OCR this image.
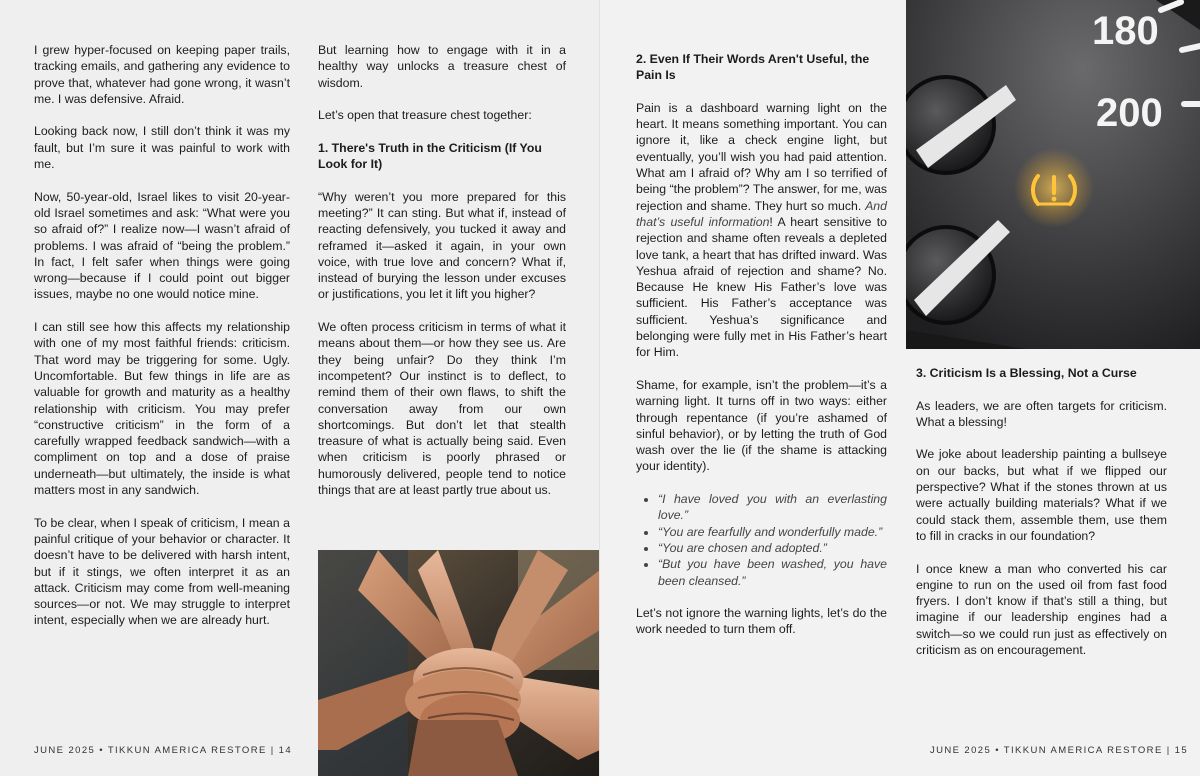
I grew hyper-focused on keeping paper trails, tracking emails, and gathering any evidence to prove that, whatever had gone wrong, it wasn’t me. I was defensive. Afraid.

Looking back now, I still don’t think it was my fault, but I’m sure it was painful to work with me.

Now, 50-year-old, Israel likes to visit 20-year-old Israel sometimes and ask: “What were you so afraid of?” I realize now—I wasn’t afraid of problems. I was afraid of “being the problem.” In fact, I felt safer when things were going wrong—because if I could point out bigger issues, maybe no one would notice mine.

I can still see how this affects my relationship with one of my most faithful friends: criticism. That word may be triggering for some. Ugly. Uncomfortable. But few things in life are as valuable for growth and maturity as a healthy relationship with criticism. You may prefer “constructive criticism” in the form of a carefully wrapped feedback sandwich—with a compliment on top and a dose of praise underneath—but ultimately, the inside is what matters most in any sandwich.

To be clear, when I speak of criticism, I mean a painful critique of your behavior or character. It doesn’t have to be delivered with harsh intent, but if it stings, we often interpret it as an attack. Criticism may come from well-meaning sources—or not. We may struggle to interpret intent, especially when we are already hurt.

But learning how to engage with it in a healthy way unlocks a treasure chest of wisdom.

Let’s open that treasure chest together:

1. There's Truth in the Criticism (If You Look for It)

“Why weren’t you more prepared for this meeting?” It can sting. But what if, instead of reacting defensively, you tucked it away and reframed it—asked it again, in your own voice, with true love and concern? What if, instead of burying the lesson under excuses or justifications, you let it lift you higher?

We often process criticism in terms of what it means about them—or how they see us. Are they being unfair? Do they think I’m incompetent? Our instinct is to deflect, to remind them of their own flaws, to shift the conversation away from our own shortcomings. But don’t let that stealth treasure of what is actually being said. Even when criticism is poorly phrased or humorously delivered, people tend to notice things that are at least partly true about us.

JUNE 2025 • TIKKUN AMERICA RESTORE | 14	JUNE 2025 • TIKKUN AMERICA RESTORE | 15
2. Even If Their Words Aren't Useful, the Pain Is

Pain is a dashboard warning light on the heart. It means something important. You can ignore it, like a check engine light, but eventually, you’ll wish you had paid attention. What am I afraid of? Why am I so terrified of being “the problem”? The answer, for me, was rejection and shame. They hurt so much. And that’s useful information! A heart sensitive to rejection and shame often reveals a depleted love tank, a heart that has drifted inward. Was Yeshua afraid of rejection and shame? No. Because He knew His Father’s love was sufficient. His Father’s acceptance was sufficient. Yeshua’s significance and belonging were fully met in His Father’s heart for Him.

Shame, for example, isn’t the problem—it’s a warning light. It turns off in two ways: either through repentance (if you’re ashamed of sinful behavior), or by letting the truth of God wash over the lie (if the shame is attacking your identity).

• “I have loved you with an everlasting love.”
• “You are fearfully and wonderfully made.”
• “You are chosen and adopted.”
• “But you have been washed, you have been cleansed.”

Let’s not ignore the warning lights, let’s do the work needed to turn them off.

180
200
3. Criticism Is a Blessing, Not a Curse

As leaders, we are often targets for criticism. What a blessing!

We joke about leadership painting a bullseye on our backs, but what if we flipped our perspective? What if the stones thrown at us were actually building materials? What if we could stack them, assemble them, use them to fill in cracks in our foundation?

I once knew a man who converted his car engine to run on the used oil from fast food fryers. I don’t know if that’s still a thing, but imagine if our leadership engines had a switch—so we could run just as effectively on criticism as on encouragement.
